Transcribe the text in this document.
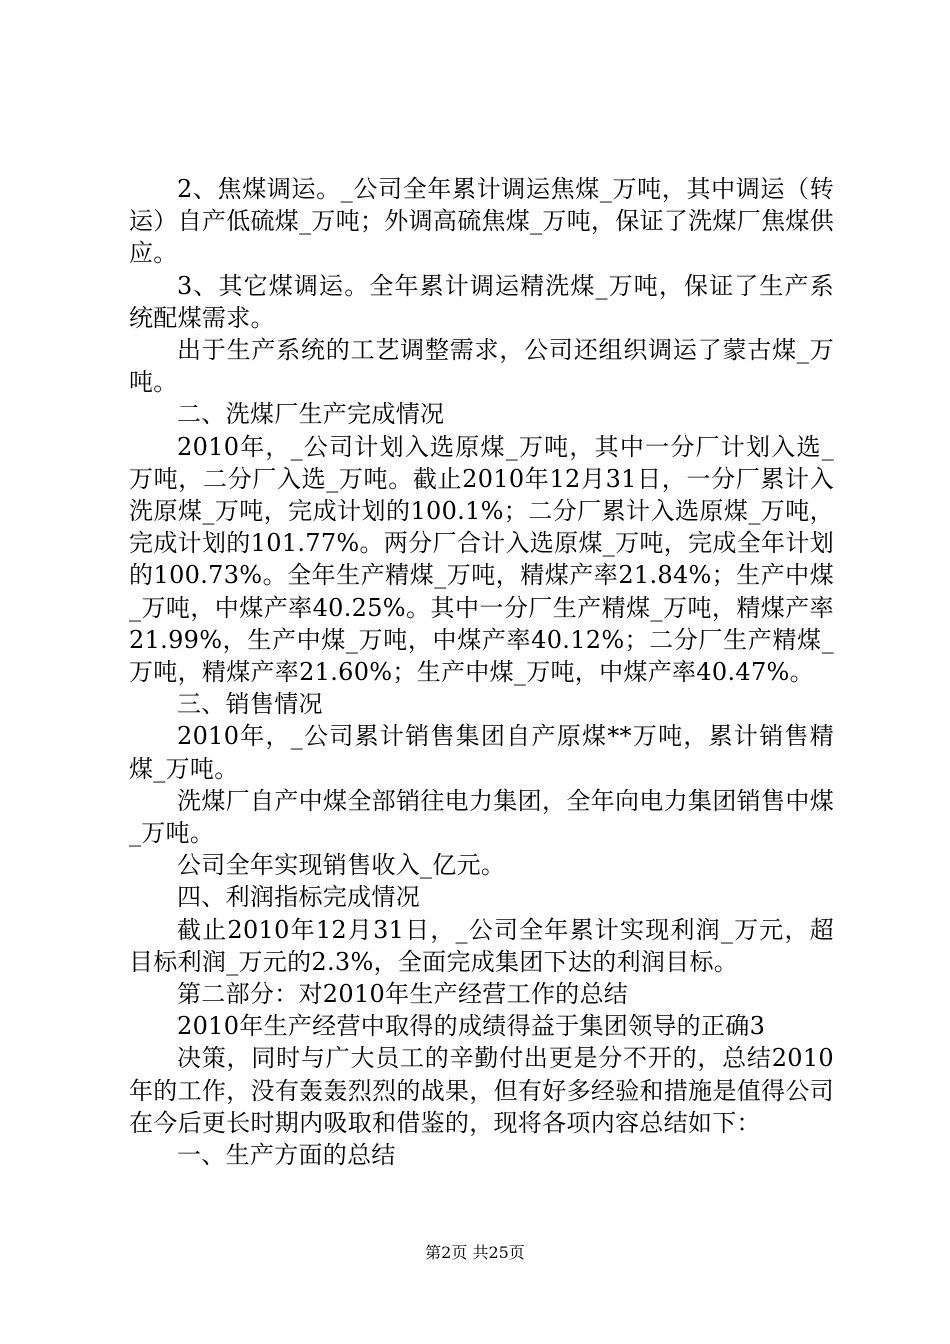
2、焦煤调运。_公司全年累计调运焦煤_万吨，其中调运（转运）自产低硫煤_万吨；外调高硫焦煤_万吨，保证了洗煤厂焦煤供应。

3、其它煤调运。全年累计调运精洗煤_万吨，保证了生产系统配煤需求。

出于生产系统的工艺调整需求，公司还组织调运了蒙古煤_万吨。

二、洗煤厂生产完成情况

2010年，_公司计划入选原煤_万吨，其中一分厂计划入选_万吨，二分厂入选_万吨。截止2010年12月31日，一分厂累计入洗原煤_万吨，完成计划的100.1%；二分厂累计入选原煤_万吨，完成计划的101.77%。两分厂合计入选原煤_万吨，完成全年计划的100.73%。全年生产精煤_万吨，精煤产率21.84%；生产中煤_万吨，中煤产率40.25%。其中一分厂生产精煤_万吨，精煤产率21.99%，生产中煤_万吨，中煤产率40.12%；二分厂生产精煤_万吨，精煤产率21.60%；生产中煤_万吨，中煤产率40.47%。

三、销售情况

2010年，_公司累计销售集团自产原煤**万吨，累计销售精煤_万吨。

洗煤厂自产中煤全部销往电力集团，全年向电力集团销售中煤_万吨。

公司全年实现销售收入_亿元。

四、利润指标完成情况

截止2010年12月31日，_公司全年累计实现利润_万元，超目标利润_万元的2.3%，全面完成集团下达的利润目标。

第二部分：对2010年生产经营工作的总结

2010年生产经营中取得的成绩得益于集团领导的正确3

决策，同时与广大员工的辛勤付出更是分不开的，总结2010年的工作，没有轰轰烈烈的战果，但有好多经验和措施是值得公司在今后更长时期内吸取和借鉴的，现将各项内容总结如下：

一、生产方面的总结

第2页 共25页
